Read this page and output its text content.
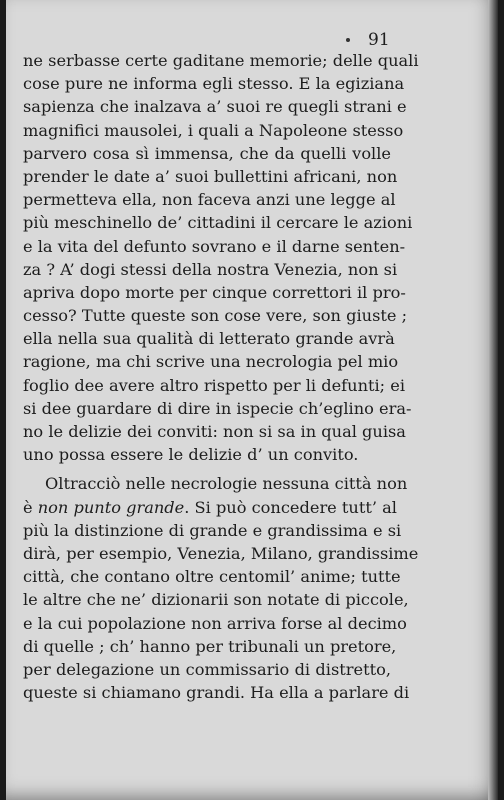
91
ne serbasse certe gaditane memorie; delle quali
cose pure ne informa egli stesso. E la egiziana
sapienza che inalzava a’ suoi re quegli strani e
magnifici mausolei, i quali a Napoleone stesso
parvero cosa sì immensa, che da quelli volle
prender le date a’ suoi bullettini africani, non
permetteva ella, non faceva anzi une legge al
più meschinello de’ cittadini il cercare le azioni
e la vita del defunto sovrano e il darne senten-
za ? A’ dogi stessi della nostra Venezia, non si
apriva dopo morte per cinque correttori il pro-
cesso? Tutte queste son cose vere, son giuste ;
ella nella sua qualità di letterato grande avrà
ragione, ma chi scrive una necrologia pel mio
foglio dee avere altro rispetto per li defunti; ei
si dee guardare di dire in ispecie ch’eglino era-
no le delizie dei conviti: non si sa in qual guisa
uno possa essere le delizie d’ un convito.
Oltracciò nelle necrologie nessuna città non
è non punto grande. Si può concedere tutt’ al
più la distinzione di grande e grandissima e si
dirà, per esempio, Venezia, Milano, grandissime
città, che contano oltre centomil’ anime; tutte
le altre che ne’ dizionarii son notate di piccole,
e la cui popolazione non arriva forse al decimo
di quelle ; ch’ hanno per tribunali un pretore,
per delegazione un commissario di distretto,
queste si chiamano grandi. Ha ella a parlare di
